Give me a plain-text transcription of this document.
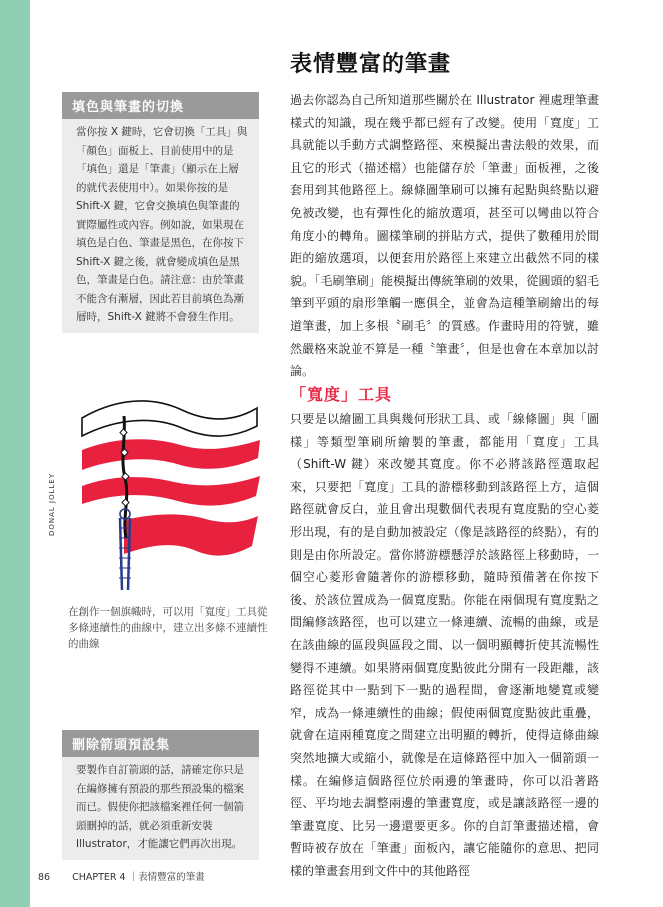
表情豐富的筆畫

過去你認為自己所知道那些關於在 Illustrator 裡處理筆畫樣式的知識，現在幾乎都已經有了改變。使用「寬度」工具就能以手動方式調整路徑、來模擬出書法般的效果，而且它的形式（描述檔）也能儲存於「筆畫」面板裡，之後套用到其他路徑上。線條圖筆刷可以擁有起點與終點以避免被改變，也有彈性化的縮放選項，甚至可以彎曲以符合角度小的轉角。圖樣筆刷的拼貼方式，提供了數種用於間距的縮放選項，以便套用於路徑上來建立出截然不同的樣貌。「毛刷筆刷」能模擬出傳統筆刷的效果，從圓頭的貂毛筆到平頭的扇形筆觸一應俱全，並會為這種筆刷繪出的每道筆畫，加上多根〝刷毛〞的質感。作畫時用的符號，雖然嚴格來說並不算是一種〝筆畫〞，但是也會在本章加以討論。

「寬度」工具

只要是以繪圖工具與幾何形狀工具、或「線條圖」與「圖樣」等類型筆刷所繪製的筆畫，都能用「寬度」工具（Shift-W 鍵）來改變其寬度。你不必將該路徑選取起來，只要把「寬度」工具的游標移動到該路徑上方，這個路徑就會反白，並且會出現數個代表現有寬度點的空心菱形出現，有的是自動加被設定（像是該路徑的終點），有的則是由你所設定。當你將游標懸浮於該路徑上移動時，一個空心菱形會隨著你的游標移動，隨時預備著在你按下後、於該位置成為一個寬度點。你能在兩個現有寬度點之間編修該路徑，也可以建立一條連續、流暢的曲線，或是在該曲線的區段與區段之間、以一個明顯轉折使其流暢性變得不連續。如果將兩個寬度點彼此分開有一段距離，該路徑從其中一點到下一點的過程間，會逐漸地變寬或變窄，成為一條連續性的曲線；假使兩個寬度點彼此重疊，就會在這兩種寬度之間建立出明顯的轉折，使得這條曲線突然地擴大或縮小，就像是在這條路徑中加入一個箭頭一樣。在編修這個路徑位於兩邊的筆畫時，你可以沿著路徑、平均地去調整兩邊的筆畫寬度，或是讓該路徑一邊的筆畫寬度、比另一邊還要更多。你的自訂筆畫描述檔，會暫時被存放在「筆畫」面板內，讓它能隨你的意思、把同樣的筆畫套用到文件中的其他路徑

填色與筆畫的切換

當你按 X 鍵時，它會切換「工具」與「顏色」面板上、目前使用中的是「填色」還是「筆畫」（顯示在上層的就代表使用中）。如果你按的是 Shift-X 鍵，它會交換填色與筆畫的實際屬性或內容。例如說，如果現在填色是白色、筆畫是黑色，在你按下 Shift-X 鍵之後，就會變成填色是黑色，筆畫是白色。請注意：由於筆畫不能含有漸層，因此若目前填色為漸層時，Shift-X 鍵將不會發生作用。

DONAL JOLLEY

在創作一個旗幟時，可以用「寬度」工具從多條連續性的曲線中，建立出多條不連續性的曲線

刪除箭頭預設集

要製作自訂箭頭的話，請確定你只是在編修擁有預設的那些預設集的檔案而已。假使你把該檔案裡任何一個箭頭刪掉的話，就必須重新安裝 Illustrator，才能讓它們再次出現。

86 CHAPTER 4 ｜表情豐富的筆畫
